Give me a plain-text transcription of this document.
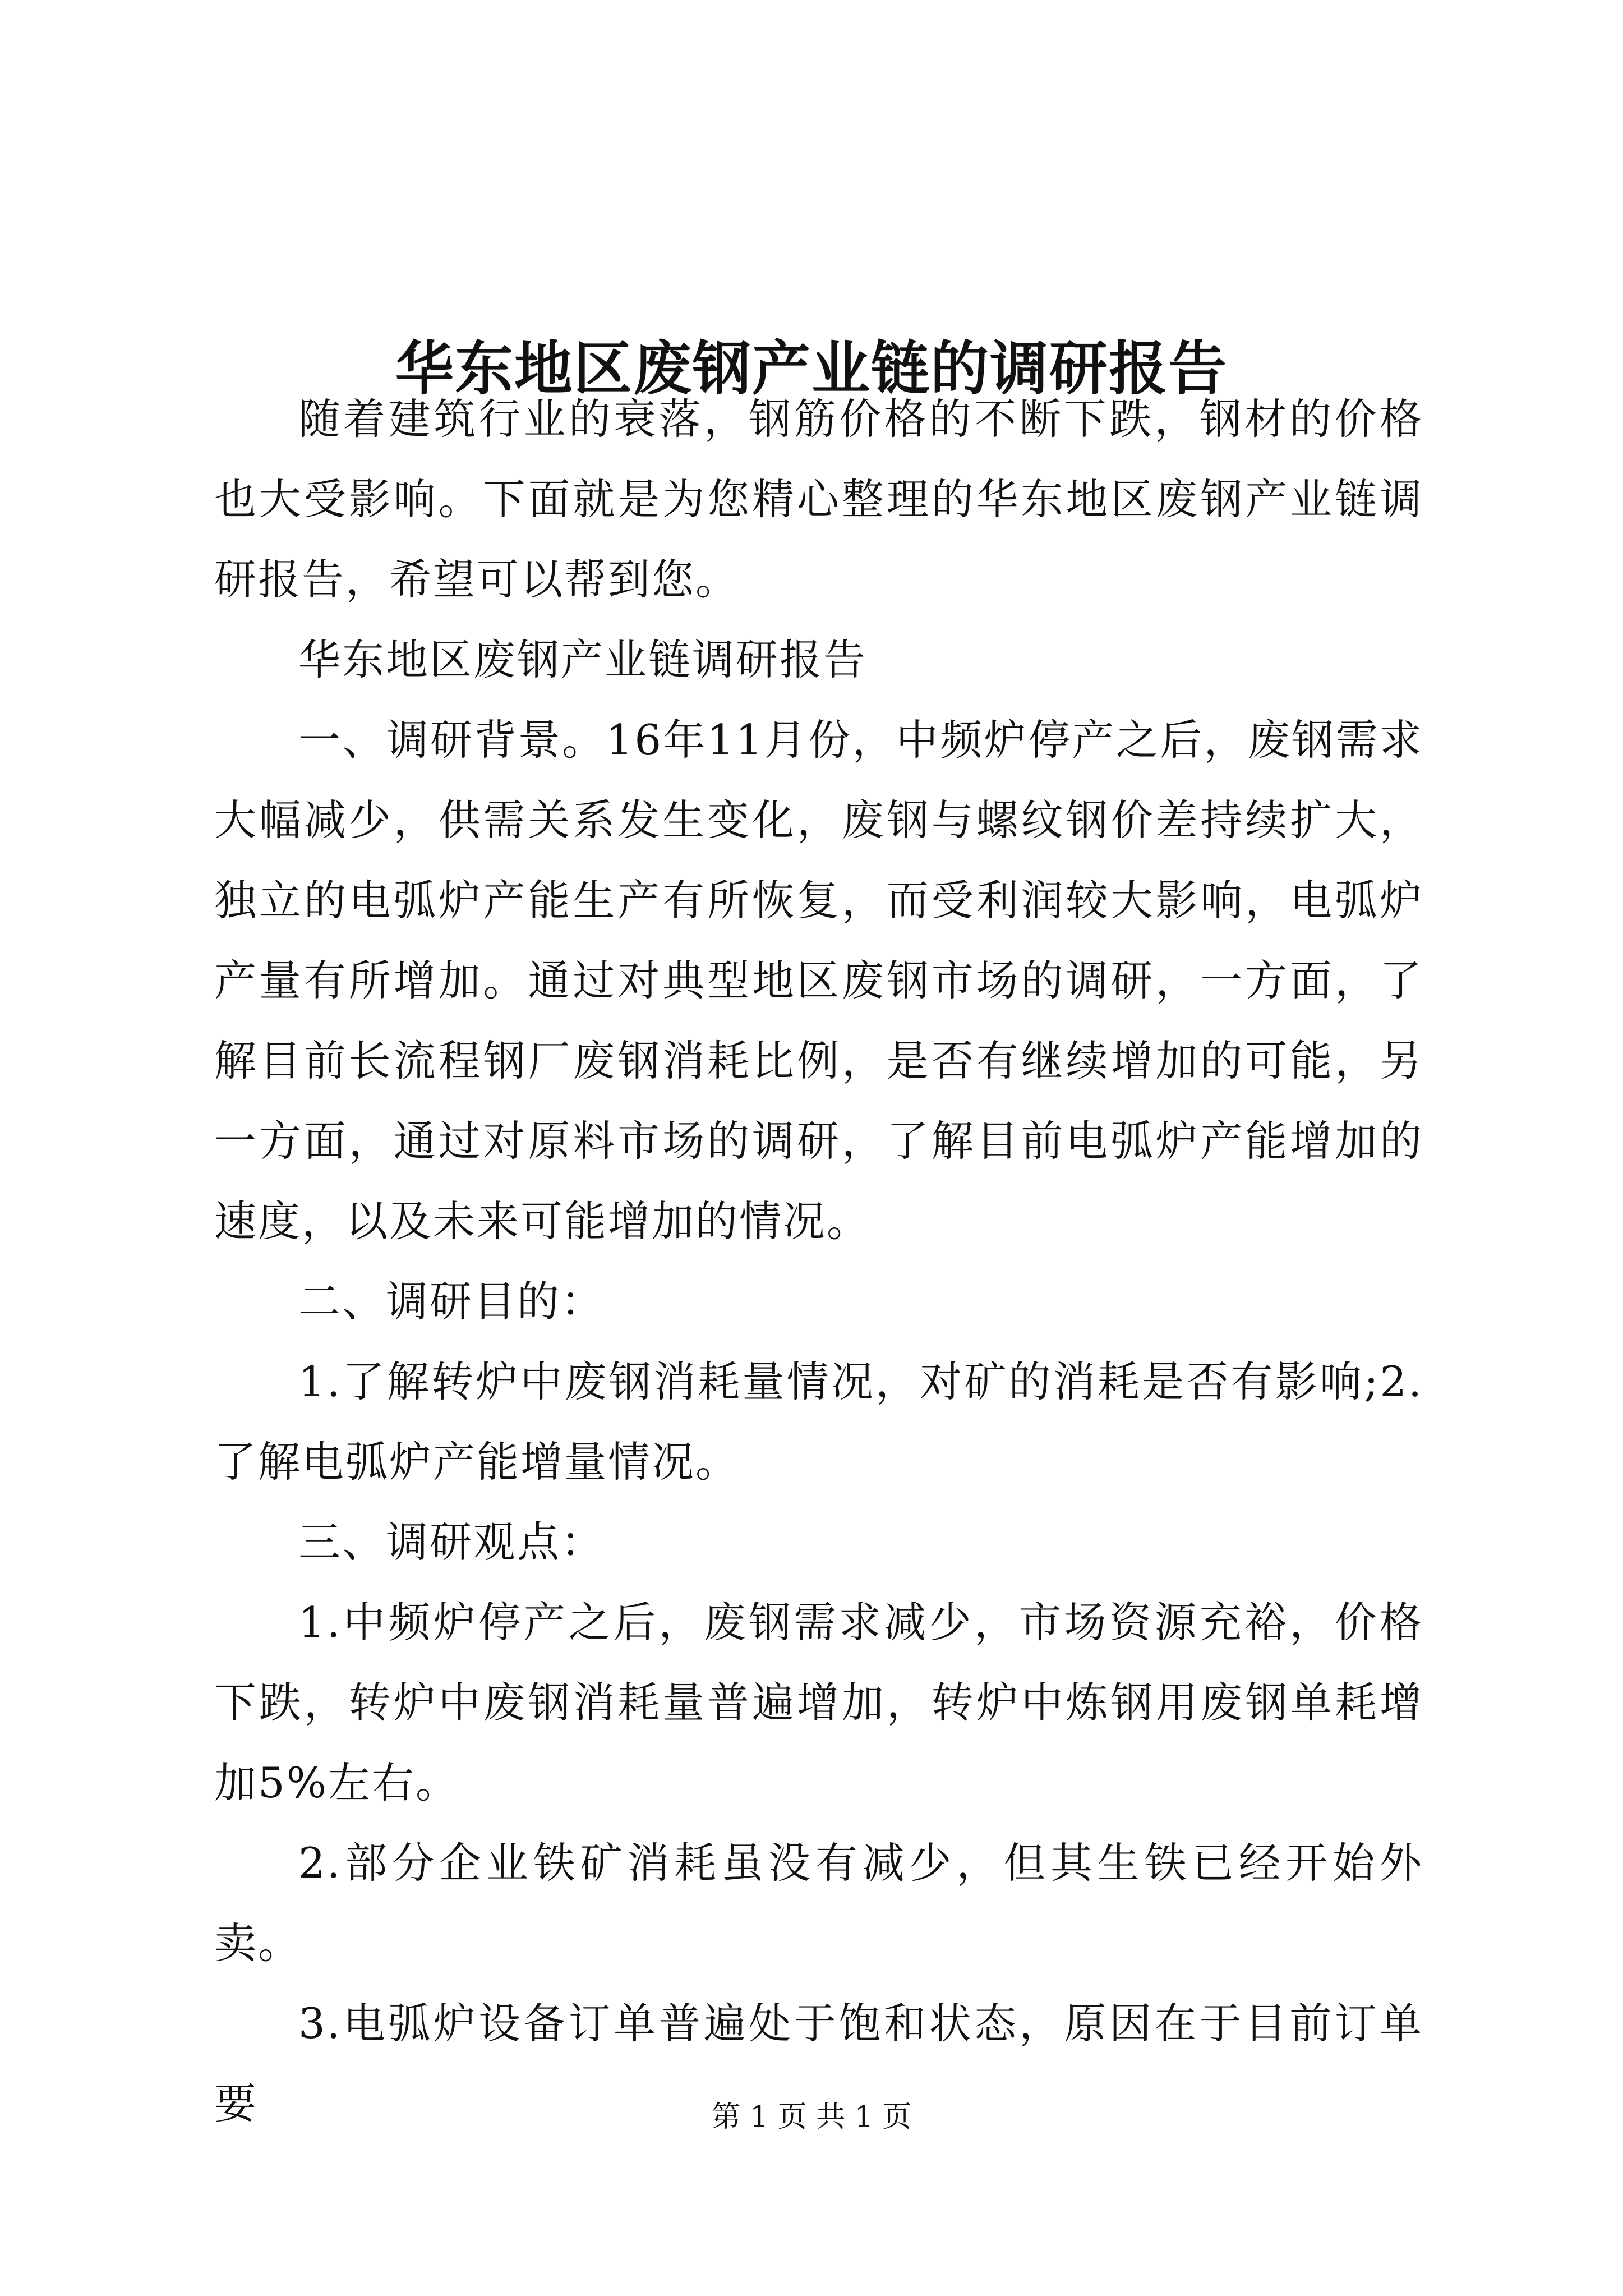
华东地区废钢产业链的调研报告

随着建筑行业的衰落，钢筋价格的不断下跌，钢材的价格也大受影响。下面就是为您精心整理的华东地区废钢产业链调研报告，希望可以帮到您。

华东地区废钢产业链调研报告

一、调研背景。16年11月份，中频炉停产之后，废钢需求大幅减少，供需关系发生变化，废钢与螺纹钢价差持续扩大，独立的电弧炉产能生产有所恢复，而受利润较大影响，电弧炉产量有所增加。通过对典型地区废钢市场的调研，一方面，了解目前长流程钢厂废钢消耗比例，是否有继续增加的可能，另一方面，通过对原料市场的调研，了解目前电弧炉产能增加的速度，以及未来可能增加的情况。

二、调研目的：

1.了解转炉中废钢消耗量情况，对矿的消耗是否有影响;2.了解电弧炉产能增量情况。

三、调研观点：

1.中频炉停产之后，废钢需求减少，市场资源充裕，价格下跌，转炉中废钢消耗量普遍增加，转炉中炼钢用废钢单耗增加5%左右。

2.部分企业铁矿消耗虽没有减少，但其生铁已经开始外卖。

3.电弧炉设备订单普遍处于饱和状态，原因在于目前订单要	第 1 页 共 1 页
